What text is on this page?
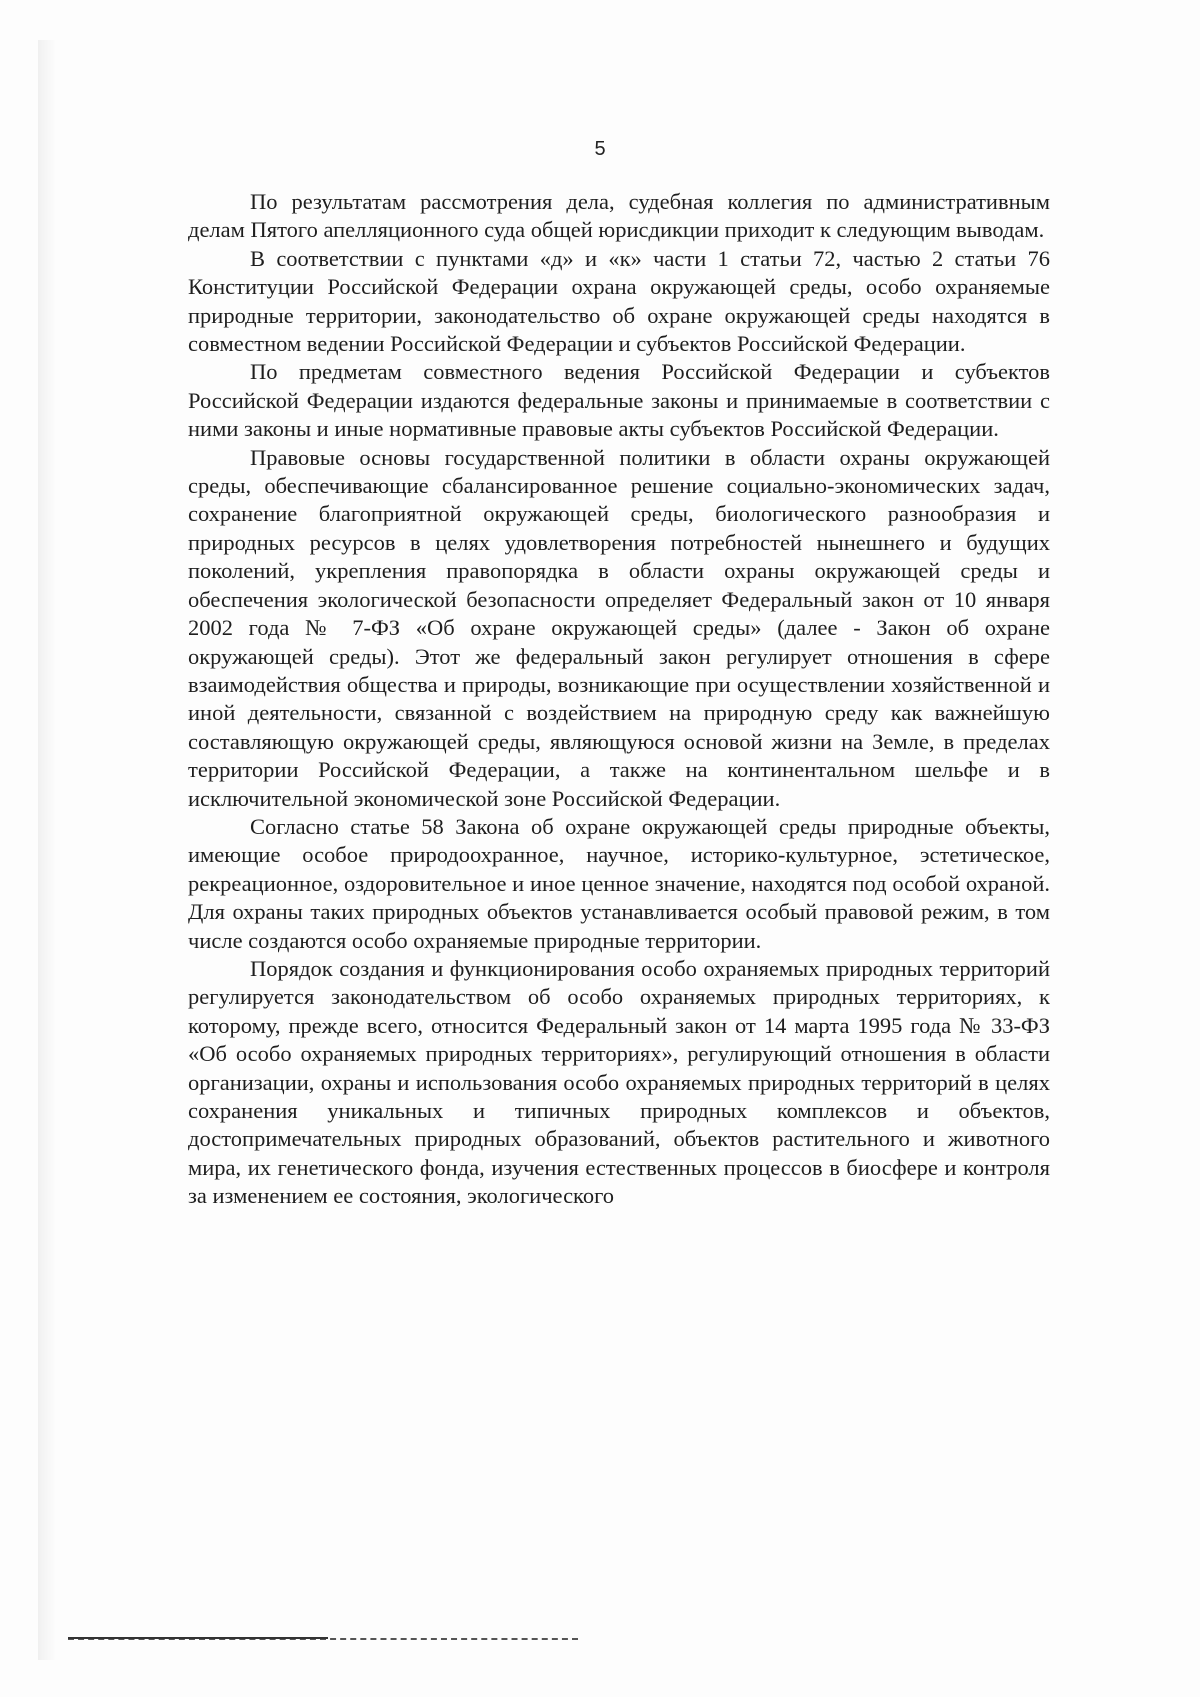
5

По результатам рассмотрения дела, судебная коллегия по административным делам Пятого апелляционного суда общей юрисдикции приходит к следующим выводам.

В соответствии с пунктами «д» и «к» части 1 статьи 72, частью 2 статьи 76 Конституции Российской Федерации охрана окружающей среды, особо охраняемые природные территории, законодательство об охране окружающей среды находятся в совместном ведении Российской Федерации и субъектов Российской Федерации.

По предметам совместного ведения Российской Федерации и субъектов Российской Федерации издаются федеральные законы и принимаемые в соответствии с ними законы и иные нормативные правовые акты субъектов Российской Федерации.

Правовые основы государственной политики в области охраны окружающей среды, обеспечивающие сбалансированное решение социально-экономических задач, сохранение благоприятной окружающей среды, биологического разнообразия и природных ресурсов в целях удовлетворения потребностей нынешнего и будущих поколений, укрепления правопорядка в области охраны окружающей среды и обеспечения экологической безопасности определяет Федеральный закон от 10 января 2002 года № 7-ФЗ «Об охране окружающей среды» (далее - Закон об охране окружающей среды). Этот же федеральный закон регулирует отношения в сфере взаимодействия общества и природы, возникающие при осуществлении хозяйственной и иной деятельности, связанной с воздействием на природную среду как важнейшую составляющую окружающей среды, являющуюся основой жизни на Земле, в пределах территории Российской Федерации, а также на континентальном шельфе и в исключительной экономической зоне Российской Федерации.

Согласно статье 58 Закона об охране окружающей среды природные объекты, имеющие особое природоохранное, научное, историко-культурное, эстетическое, рекреационное, оздоровительное и иное ценное значение, находятся под особой охраной. Для охраны таких природных объектов устанавливается особый правовой режим, в том числе создаются особо охраняемые природные территории.

Порядок создания и функционирования особо охраняемых природных территорий регулируется законодательством об особо охраняемых природных территориях, к которому, прежде всего, относится Федеральный закон от 14 марта 1995 года № 33-ФЗ «Об особо охраняемых природных территориях», регулирующий отношения в области организации, охраны и использования особо охраняемых природных территорий в целях сохранения уникальных и типичных природных комплексов и объектов, достопримечательных природных образований, объектов растительного и животного мира, их генетического фонда, изучения естественных процессов в биосфере и контроля за изменением ее состояния, экологического
